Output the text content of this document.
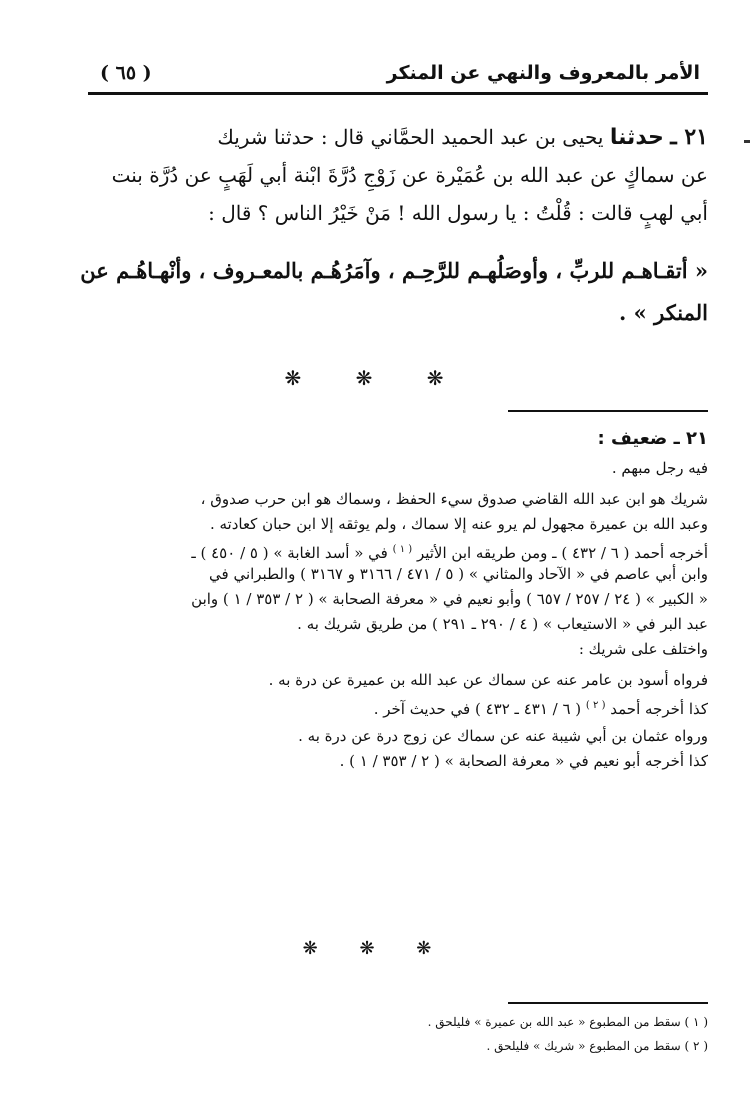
الأمر بالمعروف والنهي عن المنكر
( ٦٥ )
٢١ ـ حدثنا يحيى بن عبد الحميد الحمَّاني قال : حدثنا شريك
عن سماكٍ عن عبد الله بن عُمَيْرة عن زَوْجِ دُرَّةَ ابْنة أبي لَهَبٍ عن دُرَّة بنت
أبي لهبٍ قالت : قُلْتُ : يا رسول الله ! مَنْ خَيْرُ الناس ؟ قال :
« أتقـاهـم للربِّ ، وأوصَلُهـم للرَّحِـم ، وآمَرُهُـم بالمعـروف ، وأنْهـاهُـم عن
المنكر » .
❋ ❋ ❋
٢١ ـ ضعيف :
فيه رجل مبهم .
شريك هو ابن عبد الله القاضي صدوق سيء الحفظ ، وسماك هو ابن حرب صدوق ،
وعبد الله بن عميرة مجهول لم يرو عنه إلا سماك ، ولم يوثقه إلا ابن حبان كعادته .
أخرجه أحمد ( ٦ / ٤٣٢ ) ـ ومن طريقه ابن الأثير $^{( ١ )}$ في « أسد الغابة » ( ٥ / ٤٥٠ ) ـ
وابن أبي عاصم في « الآحاد والمثاني » ( ٥ / ٤٧١ / ٣١٦٦ و ٣١٦٧ ) والطبراني في
« الكبير » ( ٢٤ / ٢٥٧ / ٦٥٧ ) وأبو نعيم في « معرفة الصحابة » ( ٢ / ٣٥٣ / ١ ) وابن
عبد البر في « الاستيعاب » ( ٤ / ٢٩٠ ـ ٢٩١ ) من طريق شريك به .
واختلف على شريك :
فرواه أسود بن عامر عنه عن سماك عن عبد الله بن عميرة عن درة به .
كذا أخرجه أحمد $^{( ٢ )}$ ( ٦ / ٤٣١ ـ ٤٣٢ ) في حديث آخر .
ورواه عثمان بن أبي شيبة عنه عن سماك عن زوج درة عن درة به .
كذا أخرجه أبو نعيم في « معرفة الصحابة » ( ٢ / ٣٥٣ / ١ ) .
❋ ❋ ❋
( ١ ) سقط من المطبوع « عبد الله بن عميرة » فليلحق .
( ٢ ) سقط من المطبوع « شريك » فليلحق .
